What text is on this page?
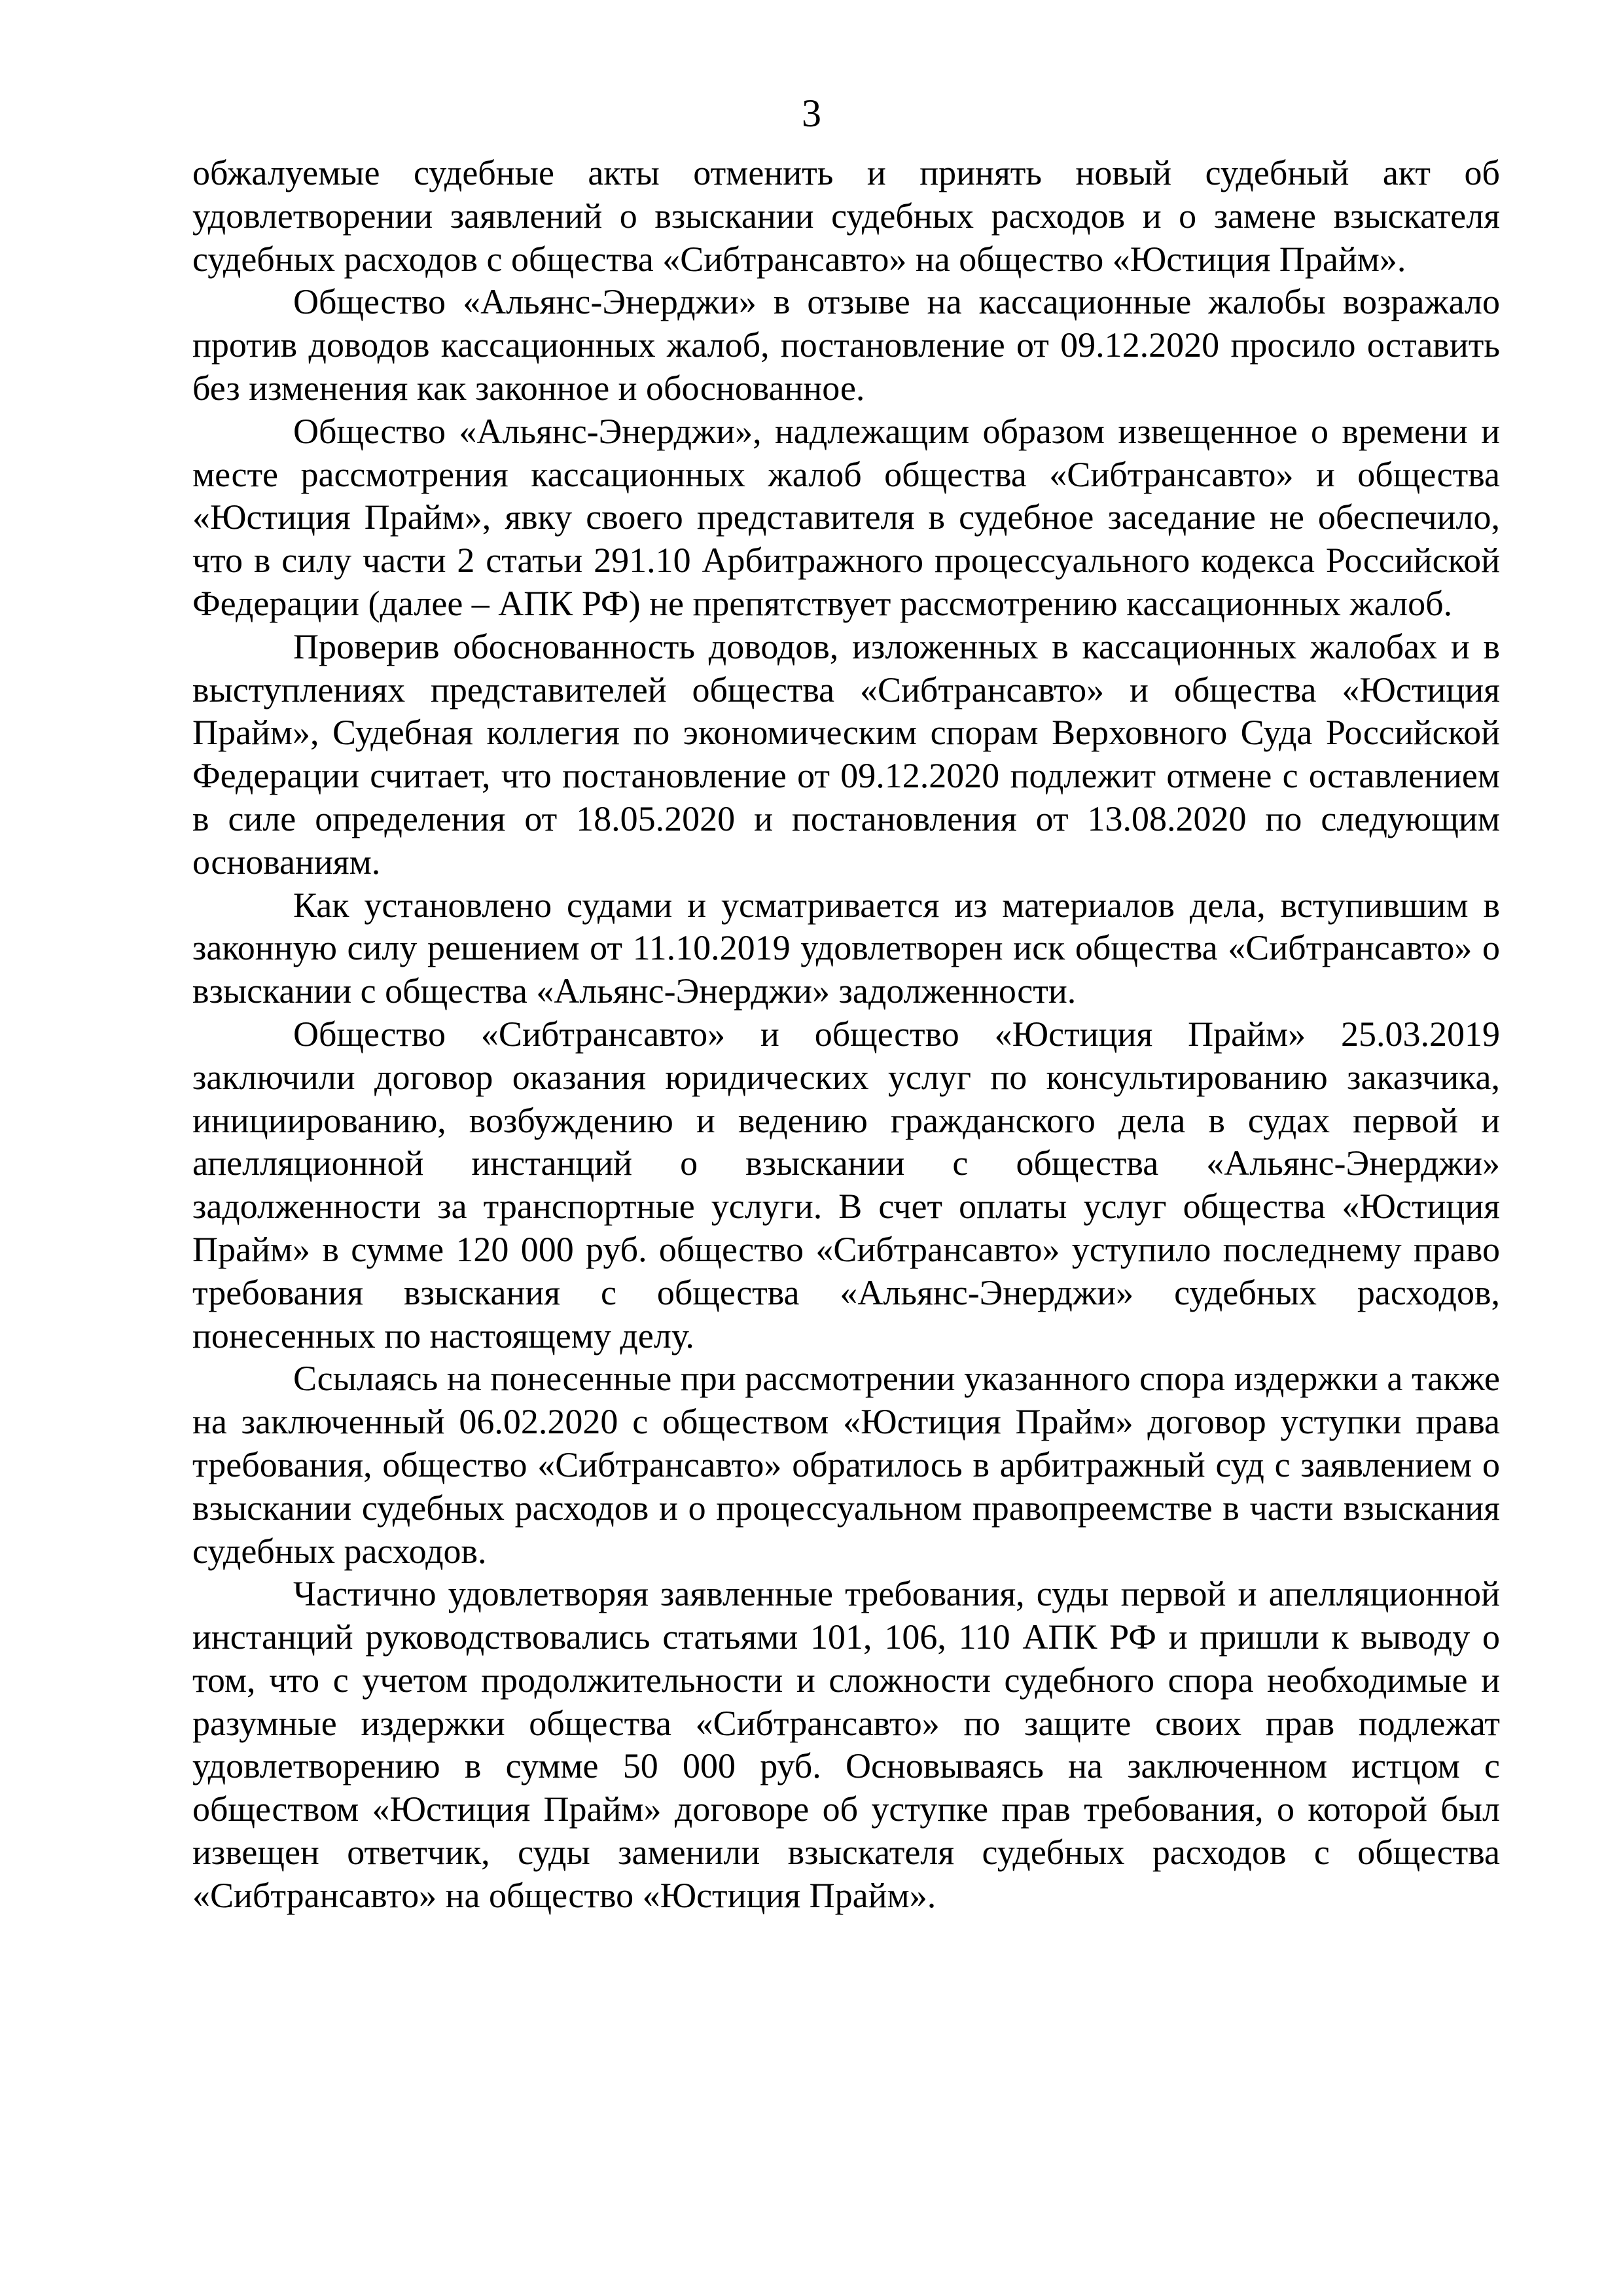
3

обжалуемые судебные акты отменить и принять новый судебный акт об удовлетворении заявлений о взыскании судебных расходов и о замене взыскателя судебных расходов с общества «Сибтрансавто» на общество «Юстиция Прайм».

Общество «Альянс-Энерджи» в отзыве на кассационные жалобы возражало против доводов кассационных жалоб, постановление от 09.12.2020 просило оставить без изменения как законное и обоснованное.

Общество «Альянс-Энерджи», надлежащим образом извещенное о времени и месте рассмотрения кассационных жалоб общества «Сибтрансавто» и общества «Юстиция Прайм», явку своего представителя в судебное заседание не обеспечило, что в силу части 2 статьи 291.10 Арбитражного процессуального кодекса Российской Федерации (далее – АПК РФ) не препятствует рассмотрению кассационных жалоб.

Проверив обоснованность доводов, изложенных в кассационных жалобах и в выступлениях представителей общества «Сибтрансавто» и общества «Юстиция Прайм», Судебная коллегия по экономическим спорам Верховного Суда Российской Федерации считает, что постановление от 09.12.2020 подлежит отмене с оставлением в силе определения от 18.05.2020 и постановления от 13.08.2020 по следующим основаниям.

Как установлено судами и усматривается из материалов дела, вступившим в законную силу решением от 11.10.2019 удовлетворен иск общества «Сибтрансавто» о взыскании с общества «Альянс-Энерджи» задолженности.

Общество «Сибтрансавто» и общество «Юстиция Прайм» 25.03.2019 заключили договор оказания юридических услуг по консультированию заказчика, инициированию, возбуждению и ведению гражданского дела в судах первой и апелляционной инстанций о взыскании с общества «Альянс-Энерджи» задолженности за транспортные услуги. В счет оплаты услуг общества «Юстиция Прайм» в сумме 120 000 руб. общество «Сибтрансавто» уступило последнему право требования взыскания с общества «Альянс-Энерджи» судебных расходов, понесенных по настоящему делу.

Ссылаясь на понесенные при рассмотрении указанного спора издержки а также на заключенный 06.02.2020 с обществом «Юстиция Прайм» договор уступки права требования, общество «Сибтрансавто» обратилось в арбитражный суд с заявлением о взыскании судебных расходов и о процессуальном правопреемстве в части взыскания судебных расходов.

Частично удовлетворяя заявленные требования, суды первой и апелляционной инстанций руководствовались статьями 101, 106, 110 АПК РФ и пришли к выводу о том, что с учетом продолжительности и сложности судебного спора необходимые и разумные издержки общества «Сибтрансавто» по защите своих прав подлежат удовлетворению в сумме 50 000 руб. Основываясь на заключенном истцом с обществом «Юстиция Прайм» договоре об уступке прав требования, о которой был извещен ответчик, суды заменили взыскателя судебных расходов с общества «Сибтрансавто» на общество «Юстиция Прайм».
